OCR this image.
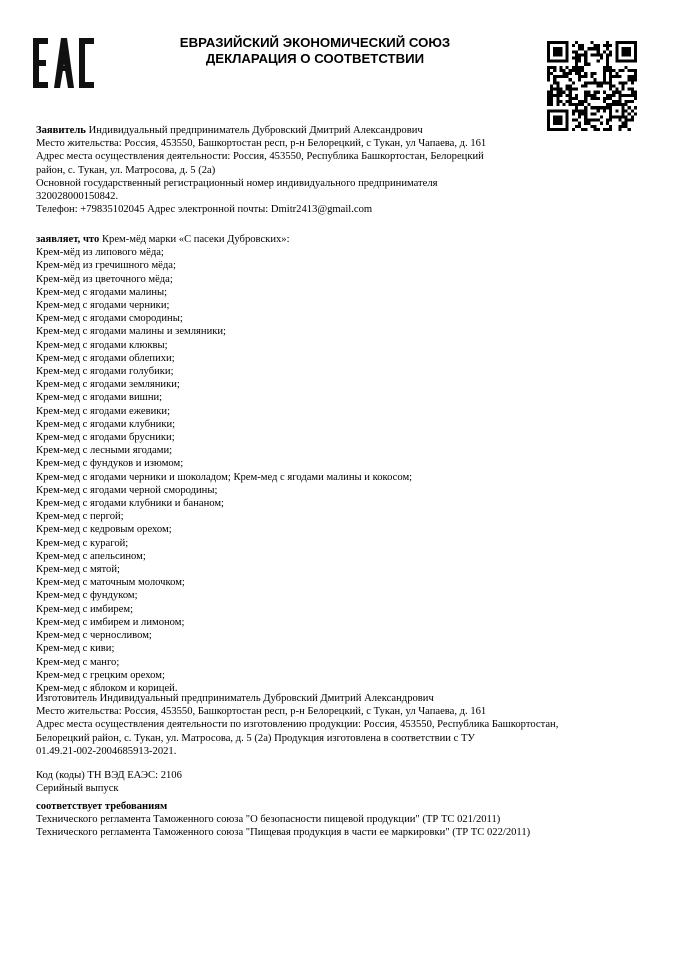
ЕВРАЗИЙСКИЙ ЭКОНОМИЧЕСКИЙ СОЮЗ
ДЕКЛАРАЦИЯ О СООТВЕТСТВИИ

Заявитель Индивидуальный предприниматель Дубровский Дмитрий Александрович

Место жительства: Россия, 453550, Башкортостан респ, р-н Белорецкий, с Тукан, ул Чапаева, д. 161

Адрес места осуществления деятельности: Россия, 453550, Республика Башкортостан, Белорецкий

район, с. Тукан, ул. Матросова, д. 5 (2а)

Основной государственный регистрационный номер индивидуального предпринимателя

320028000150842.

Телефон: +79835102045 Адрес электронной почты: Dmitr2413@gmail.com

заявляет, что Крем-мёд марки «С пасеки Дубровских»:

Крем-мёд из липового мёда;

Крем-мёд из гречишного мёда;

Крем-мёд из цветочного мёда;

Крем-мед с ягодами малины;

Крем-мед с ягодами черники;

Крем-мед с ягодами смородины;

Крем-мед с ягодами малины и земляники;

Крем-мед с ягодами клюквы;

Крем-мед с ягодами облепихи;

Крем-мед с ягодами голубики;

Крем-мед с ягодами земляники;

Крем-мед с ягодами вишни;

Крем-мед с ягодами ежевики;

Крем-мед с ягодами клубники;

Крем-мед с ягодами брусники;

Крем-мед с лесными ягодами;

Крем-мед с фундуков и изюмом;

Крем-мед с ягодами черники и шоколадом; Крем-мед с ягодами малины и кокосом;

Крем-мед с ягодами черной смородины;

Крем-мед с ягодами клубники и бананом;

Крем-мед с пергой;

Крем-мед с кедровым орехом;

Крем-мед с курагой;

Крем-мед с апельсином;

Крем-мед с мятой;

Крем-мед с маточным молочком;

Крем-мед с фундуком;

Крем-мед с имбирем;

Крем-мед с имбирем и лимоном;

Крем-мед с черносливом;

Крем-мед с киви;

Крем-мед с манго;

Крем-мед с грецким орехом;

Крем-мед с яблоком и корицей.

Изготовитель Индивидуальный предприниматель Дубровский Дмитрий Александрович

Место жительства: Россия, 453550, Башкортостан респ, р-н Белорецкий, с Тукан, ул Чапаева, д. 161

Адрес места осуществления деятельности по изготовлению продукции: Россия, 453550, Республика Башкортостан,

Белорецкий район, с. Тукан, ул. Матросова, д. 5 (2а) Продукция изготовлена в соответствии с ТУ

01.49.21-002-2004685913-2021.

Код (коды) ТН ВЭД ЕАЭС: 2106

Серийный выпуск

соответствует требованиям

Технического регламента Таможенного союза "О безопасности пищевой продукции" (ТР ТС 021/2011)

Технического регламента Таможенного союза "Пищевая продукция в части ее маркировки" (ТР ТС 022/2011)
